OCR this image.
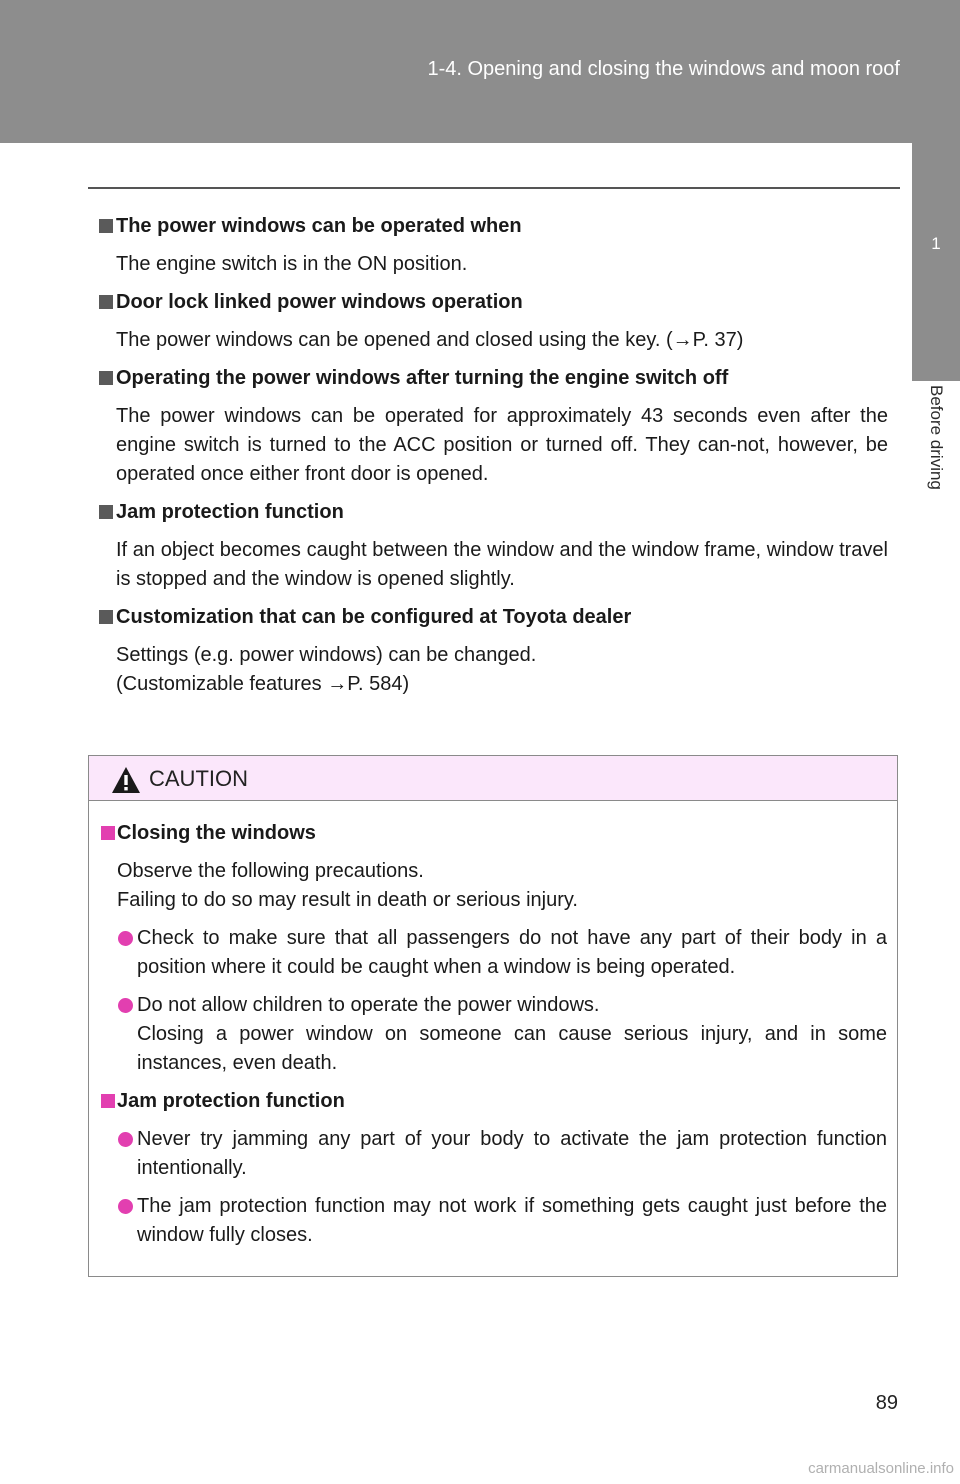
1-4. Opening and closing the windows and moon roof
1
Before driving

The power windows can be operated when

The engine switch is in the ON position.

Door lock linked power windows operation

The power windows can be opened and closed using the key. (→P. 37)

Operating the power windows after turning the engine switch off

The power windows can be operated for approximately 43 seconds even after the engine switch is turned to the ACC position or turned off. They can-not, however, be operated once either front door is opened.

Jam protection function

If an object becomes caught between the window and the window frame, window travel is stopped and the window is opened slightly.

Customization that can be configured at Toyota dealer

Settings (e.g. power windows) can be changed.

(Customizable features →P. 584)

CAUTION

Closing the windows

Observe the following precautions.

Failing to do so may result in death or serious injury.

Check to make sure that all passengers do not have any part of their body in a position where it could be caught when a window is being operated.

Do not allow children to operate the power windows.

Closing a power window on someone can cause serious injury, and in some instances, even death.

Jam protection function

Never try jamming any part of your body to activate the jam protection function intentionally.

The jam protection function may not work if something gets caught just before the window fully closes.

89
carmanualsonline.info
